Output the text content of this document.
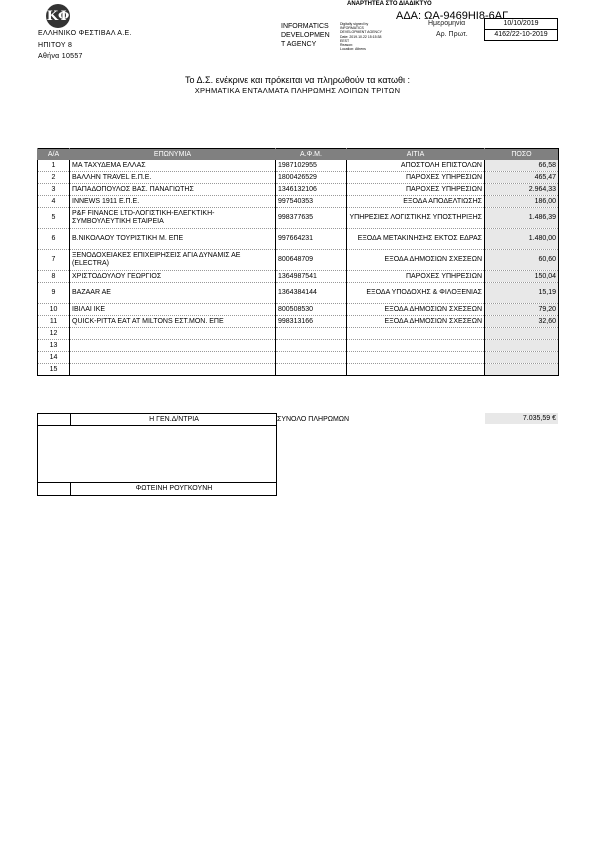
ΚΦ
ΕΛΛΗΝΙΚΟ ΦΕΣΤΙΒΑΛ Α.Ε.
ΗΠΙΤΟΥ 8
Αθήνα 10557
ΑΝΑΡΤΗΤΕΑ ΣΤΟ ΔΙΑΔΙΚΤΥΟ
INFORMATICS
DEVELOPMEN
T AGENCY
Digitally signed by
INFORMATICS
DEVELOPMENT AGENCY
Date: 2019.10.22 15:15:38
EEST
Reason:
Location: Athens
ΑΔΑ: ΩΑ-9469ΗΙ8-6ΑΓ
Ημερομηνία	10/10/2019
Αρ. Πρωτ.	4162/22-10-2019
Το Δ.Σ. ενέκρινε και πρόκειται να πληρωθούν τα κατωθι :
ΧΡΗΜΑΤΙΚΑ ΕΝΤΑΛΜΑΤΑ ΠΛΗΡΩΜΗΣ ΛΟΙΠΩΝ ΤΡΙΤΩΝ
Α/Α	ΕΠΩΝΥΜΙΑ	Α.Φ.Μ.	ΑΙΤΙΑ	ΠΟΣΟ
1	ΜΑ ΤΑΧΥΔΕΜΑ ΕΛΛΑΣ	1987102955	ΑΠΟΣΤΟΛΗ ΕΠΙΣΤΟΛΩΝ	66,58
2	ΒΑΛΛΗΝ TRAVEL Ε.Π.Ε.	1800426529	ΠΑΡΟΧΕΣ ΥΠΗΡΕΣΙΩΝ	465,47
3	ΠΑΠΑΔΟΠΟΥΛΟΣ ΒΑΣ. ΠΑΝΑΓΙΩΤΗΣ	1346132106	ΠΑΡΟΧΕΣ ΥΠΗΡΕΣΙΩΝ	2.964,33
4	INNEWS 1911 Ε.Π.Ε.	997540353	ΕΞΟΔΑ ΑΠΟΔΕΛΤΙΩΣΗΣ	186,00
5	P&F FINANCE LTD-ΛΟΓΙΣΤΙΚΗ-ΕΛΕΓΚΤΙΚΗ-ΣΥΜΒΟΥΛΕΥΤΙΚΗ ΕΤΑΙΡΕΙΑ	998377635	ΥΠΗΡΕΣΙΕΣ ΛΟΓΙΣΤΙΚΗΣ ΥΠΟΣΤΗΡΙΞΗΣ	1.486,39
6	Β.ΝΙΚΟΛΑΟΥ ΤΟΥΡΙΣΤΙΚΗ Μ. ΕΠΕ	997664231	ΕΞΟΔΑ ΜΕΤΑΚΙΝΗΣΗΣ ΕΚΤΟΣ ΕΔΡΑΣ	1.480,00
7	ΞΕΝΟΔΟΧΕΙΑΚΕΣ ΕΠΙΧΕΙΡΗΣΕΙΣ ΑΓΙΑ ΔΥΝΑΜΙΣ ΑΕ (ELECTRA)	800648709	ΕΞΟΔΑ ΔΗΜΟΣΙΩΝ ΣΧΕΣΕΩΝ	60,60
8	ΧΡΙΣΤΟΔΟΥΛΟΥ ΓΕΩΡΓΙΟΣ	1364987541	ΠΑΡΟΧΕΣ ΥΠΗΡΕΣΙΩΝ	150,04
9	BAZAAR AE	1364384144	ΕΞΟΔΑ ΥΠΟΔΟΧΗΣ & ΦΙΛΟΞΕΝΙΑΣ	15,19
10	ΙΒΙΛΑΙ ΙΚΕ	800508530	ΕΞΟΔΑ ΔΗΜΟΣΙΩΝ ΣΧΕΣΕΩΝ	79,20
11	QUICK-PITTA EAT AT MILTONS ΕΣΤ.ΜΟΝ. ΕΠΕ	998313166	ΕΞΟΔΑ ΔΗΜΟΣΙΩΝ ΣΧΕΣΕΩΝ	32,60
12				
13				
14				
15				
ΣΥΝΟΛΟ ΠΛΗΡΩΜΩΝ	7.035,59 €
Η ΓΕΝ.Δ/ΝΤΡΙΑ
ΦΩΤΕΙΝΗ ΡΟΥΓΚΟΥΝΗ
